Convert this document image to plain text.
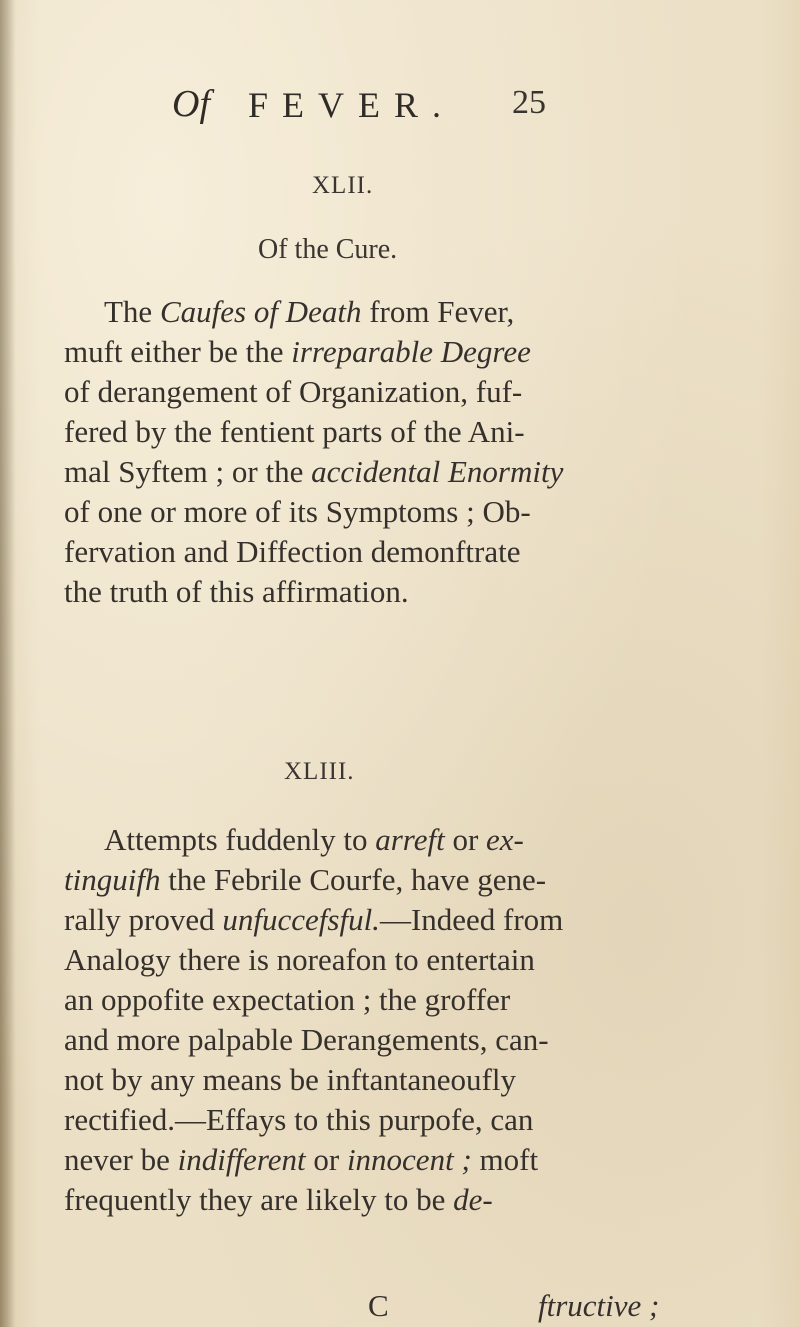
Of FEVER. 25
XLII.
Of the Cure.
The Caufes of Death from Fever,
muft either be the irreparable Degree
of derangement of Organization, fuf-
fered by the fentient parts of the Ani-
mal Syftem ; or the accidental Enormity
of one or more of its Symptoms ; Ob-
fervation and Diffection demonftrate
the truth of this affirmation.
XLIII.
Attempts fuddenly to arreft or ex-
tinguifh the Febrile Courfe, have gene-
rally proved unfuccefsful.—Indeed from
Analogy there is noreafon to entertain
an oppofite expectation ; the groffer
and more palpable Derangements, can-
not by any means be inftantaneoufly
rectified.—Effays to this purpofe, can
never be indifferent or innocent ; moft
frequently they are likely to be de-
C	ftructive ;
